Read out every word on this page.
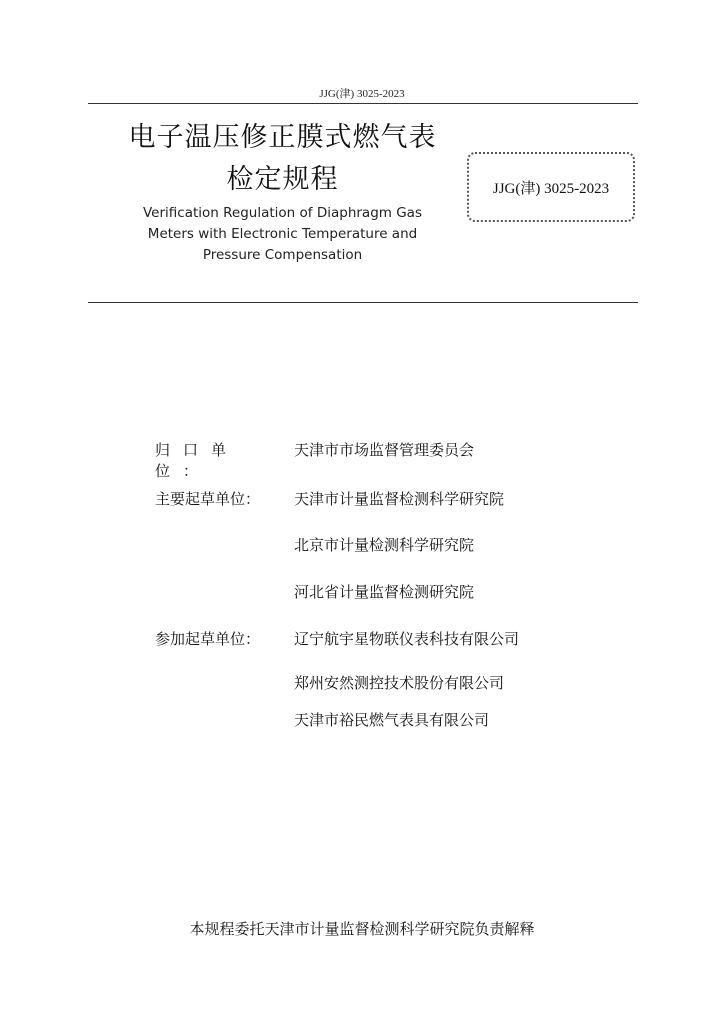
JJG(津) 3025-2023
电子温压修正膜式燃气表
检定规程
Verification Regulation of Diaphragm Gas
Meters with Electronic Temperature and
Pressure Compensation
JJG(津) 3025-2023
归口单位：
天津市市场监督管理委员会
主要起草单位：	天津市计量监督检测科学研究院
北京市计量检测科学研究院
河北省计量监督检测研究院
参加起草单位：	辽宁航宇星物联仪表科技有限公司
郑州安然测控技术股份有限公司
天津市裕民燃气表具有限公司
本规程委托天津市计量监督检测科学研究院负责解释
